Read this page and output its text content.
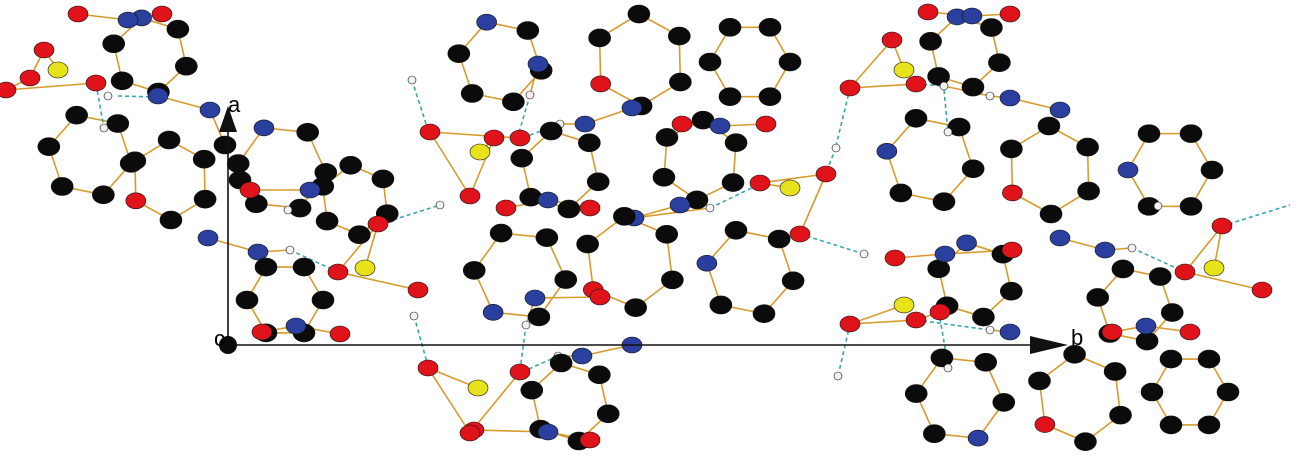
a
b
c
